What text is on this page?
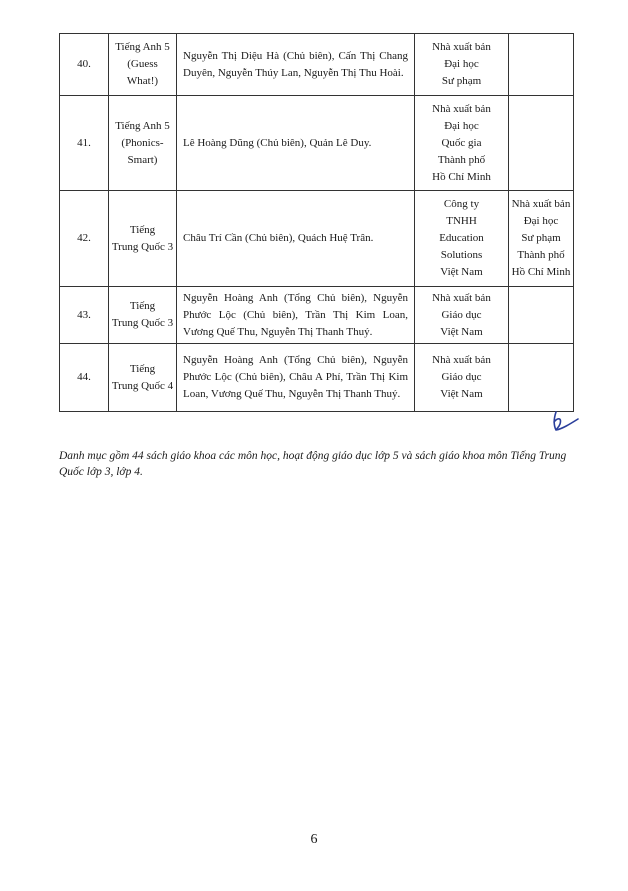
40.	Tiếng Anh 5
(Guess
What!)	Nguyễn Thị Diệu Hà (Chủ biên), Cấn Thị Chang Duyên, Nguyễn Thúy Lan, Nguyễn Thị Thu Hoài.	Nhà xuất bản
Đại học
Sư phạm	

41.	Tiếng Anh 5
(Phonics-
Smart)	Lê Hoàng Dũng (Chủ biên), Quản Lê Duy.	Nhà xuất bản
Đại học
Quốc gia
Thành phố
Hồ Chí Minh	

42.	Tiếng
Trung Quốc 3	Châu Trí Cần (Chủ biên), Quách Huệ Trân.	Công ty
TNHH
Education
Solutions
Việt Nam	Nhà xuất bản
Đại học
Sư phạm
Thành phố
Hồ Chí Minh

43.	Tiếng
Trung Quốc 3	Nguyễn Hoàng Anh (Tổng Chủ biên), Nguyễn Phước Lộc (Chủ biên), Trần Thị Kim Loan, Vương Quế Thu, Nguyễn Thị Thanh Thuý.	Nhà xuất bản
Giáo dục
Việt Nam	

44.	Tiếng
Trung Quốc 4	Nguyễn Hoàng Anh (Tổng Chủ biên), Nguyễn Phước Lộc (Chủ biên), Châu A Phí, Trần Thị Kim Loan, Vương Quế Thu, Nguyễn Thị Thanh Thuý.	Nhà xuất bản
Giáo dục
Việt Nam	

Danh mục gồm 44 sách giáo khoa các môn học, hoạt động giáo dục lớp 5 và sách giáo khoa môn Tiếng Trung Quốc lớp 3, lớp 4.

6
